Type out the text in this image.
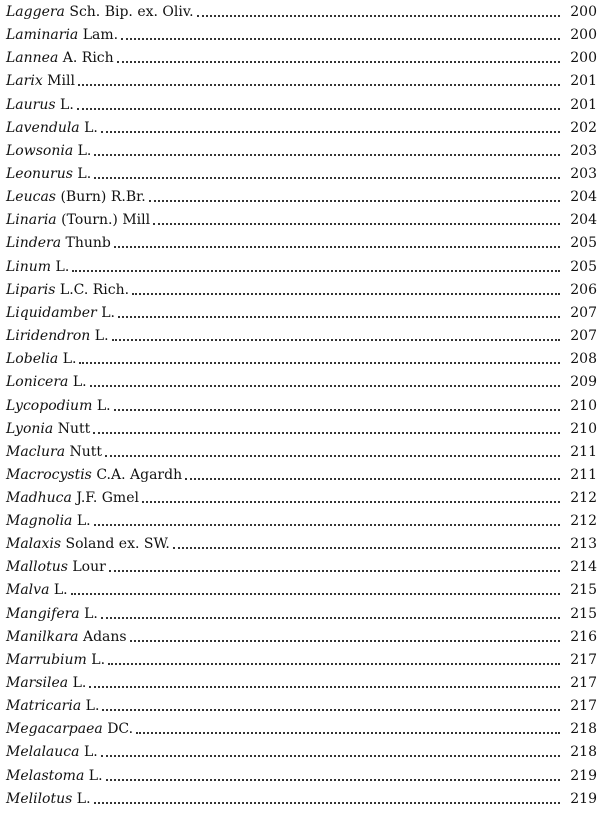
Laggera Sch. Bip. ex. Oliv.	200
Laminaria Lam.	200
Lannea A. Rich	200
Larix Mill	201
Laurus L.	201
Lavendula L.	202
Lowsonia L.	203
Leonurus L.	203
Leucas (Burn) R.Br.	204
Linaria (Tourn.) Mill	204
Lindera Thunb	205
Linum L.	205
Liparis L.C. Rich.	206
Liquidamber L.	207
Liridendron L.	207
Lobelia L.	208
Lonicera L.	209
Lycopodium L.	210
Lyonia Nutt	210
Maclura Nutt	211
Macrocystis C.A. Agardh	211
Madhuca J.F. Gmel	212
Magnolia L.	212
Malaxis Soland ex. SW.	213
Mallotus Lour	214
Malva L.	215
Mangifera L.	215
Manilkara Adans	216
Marrubium L.	217
Marsilea L.	217
Matricaria L.	217
Megacarpaea DC.	218
Melalauca L.	218
Melastoma L.	219
Melilotus L.	219
